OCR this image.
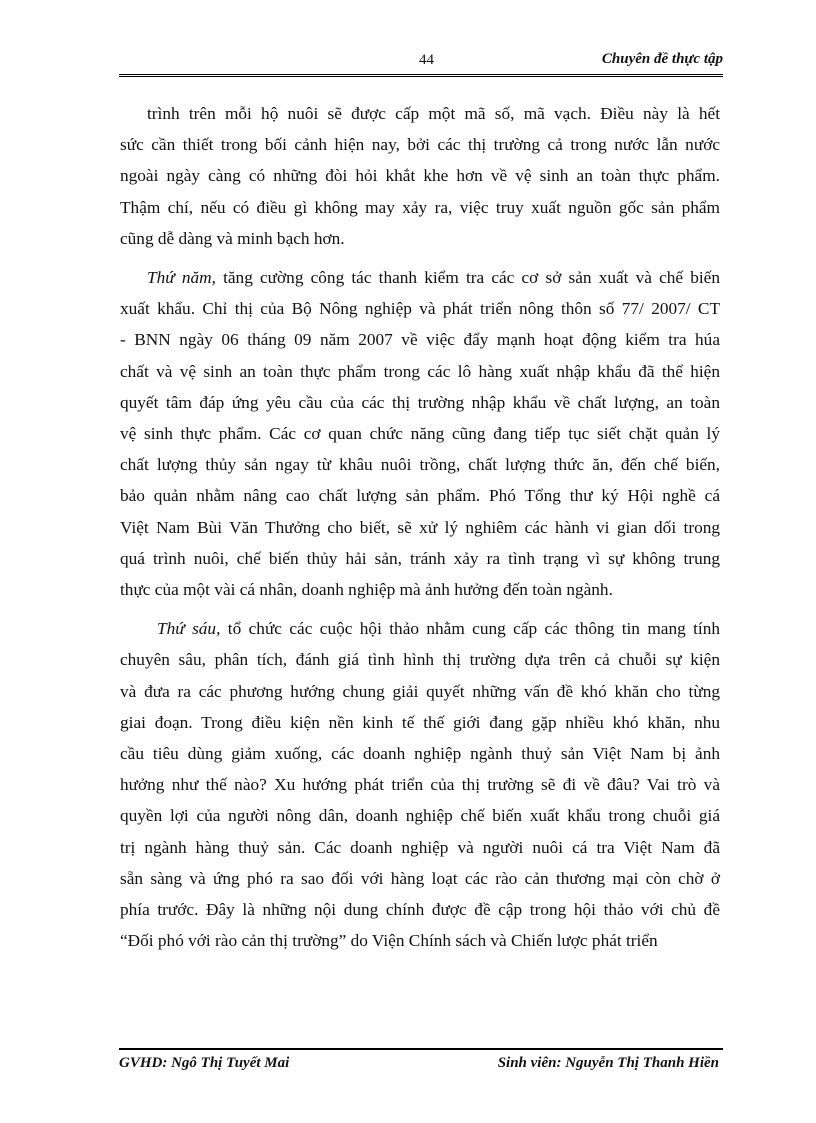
44	Chuyên đề thực tập
trình trên mỗi hộ nuôi sẽ được cấp một mã số, mã vạch. Điều này là hết
sức cần thiết trong bối cảnh hiện nay, bởi các thị trường cả trong nước lẫn nước
ngoài ngày càng có những đòi hỏi khắt khe hơn về vệ sinh an toàn thực phẩm.
Thậm chí, nếu có điều gì không may xảy ra, việc truy xuất nguồn gốc sản phẩm
cũng dễ dàng và minh bạch hơn.
Thứ năm, tăng cường công tác thanh kiểm tra các cơ sở sản xuất và chế biến
xuất khẩu. Chỉ thị của Bộ Nông nghiệp và phát triển nông thôn số 77/ 2007/ CT
- BNN ngày 06 tháng 09 năm 2007 về việc đẩy mạnh hoạt động kiểm tra húa
chất và vệ sinh an toàn thực phẩm trong các lô hàng xuất nhập khẩu đã thể hiện
quyết tâm đáp ứng yêu cầu của các thị trường nhập khẩu về chất lượng, an toàn
vệ sinh thực phẩm. Các cơ quan chức năng cũng đang tiếp tục siết chặt quản lý
chất lượng thủy sản ngay từ khâu nuôi trồng, chất lượng thức ăn, đến chế biến,
bảo quản nhằm nâng cao chất lượng sản phẩm. Phó Tổng thư ký Hội nghề cá
Việt Nam Bùi Văn Thưởng cho biết, sẽ xử lý nghiêm các hành vi gian dối trong
quá trình nuôi, chế biến thủy hải sản, tránh xảy ra tình trạng vì sự không trung
thực của một vài cá nhân, doanh nghiệp mà ảnh hưởng đến toàn ngành.
Thứ sáu, tổ chức các cuộc hội thảo nhằm cung cấp các thông tin mang tính
chuyên sâu, phân tích, đánh giá tình hình thị trường dựa trên cả chuỗi sự kiện
và đưa ra các phương hướng chung giải quyết những vấn đề khó khăn cho từng
giai đoạn. Trong điều kiện nền kinh tế thế giới đang gặp nhiều khó khăn, nhu
cầu tiêu dùng giảm xuống, các doanh nghiệp ngành thuỷ sản Việt Nam bị ảnh
hưởng như thế nào? Xu hướng phát triển của thị trường sẽ đi về đâu? Vai trò và
quyền lợi của người nông dân, doanh nghiệp chế biến xuất khẩu trong chuỗi giá
trị ngành hàng thuỷ sản. Các doanh nghiệp và người nuôi cá tra Việt Nam đã
sẵn sàng và ứng phó ra sao đối với hàng loạt các rào cản thương mại còn chờ ở
phía trước. Đây là những nội dung chính được đề cập trong hội thảo với chủ đề
“Đối phó với rào cản thị trường” do Viện Chính sách và Chiến lược phát triển
GVHD: Ngô Thị Tuyết Mai	Sinh viên: Nguyễn Thị Thanh Hiền
